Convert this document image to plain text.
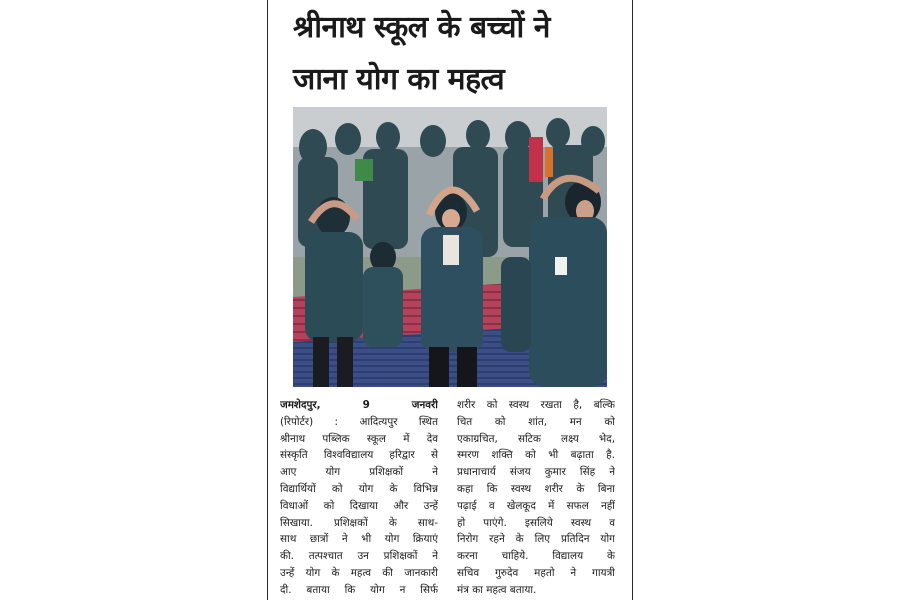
श्रीनाथ स्कूल के बच्चों ने
जाना योग का महत्व
जमशेदपुर, 9 जनवरी
(रिपोर्टर) : आदित्यपुर स्थित
श्रीनाथ पब्लिक स्कूल में देव
संस्कृति विश्वविद्यालय हरिद्वार से
आए योग प्रशिक्षकों ने
विद्यार्थियों को योग के विभिन्न
विधाओं को दिखाया और उन्हें
सिखाया. प्रशिक्षकों के साथ-
साथ छात्रों ने भी योग क्रियाएं
की. तत्पश्चात उन प्रशिक्षकों ने
उन्हें योग के महत्व की जानकारी
दी. बताया कि योग न सिर्फ
शरीर को स्वस्थ रखता है, बल्कि
चित को शांत, मन को
एकाग्रचित, सटिक लक्ष्य भेद,
स्मरण शक्ति को भी बढ़ाता है.
प्रधानाचार्य संजय कुमार सिंह ने
कहा कि स्वस्थ शरीर के बिना
पढ़ाई व खेलकूद में सफल नहीं
हो पाएंगे. इसलिये स्वस्थ व
निरोग रहने के लिए प्रतिदिन योग
करना चाहिये. विद्यालय के
सचिव गुरुदेव महतो ने गायत्री
मंत्र का महत्व बताया.
